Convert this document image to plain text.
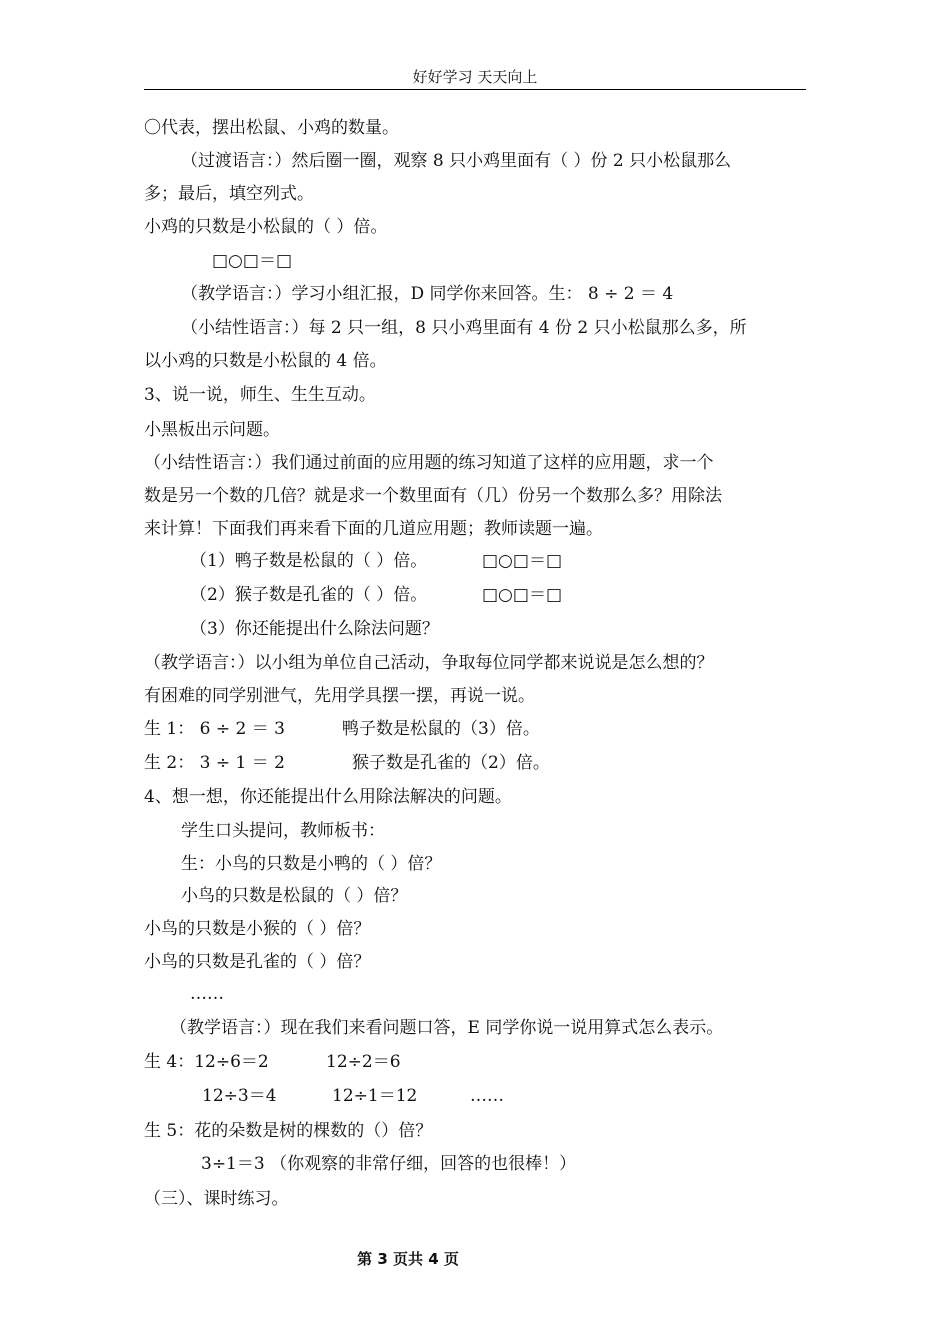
好好学习 天天向上
〇代表，摆出松鼠、小鸡的数量。
（过渡语言：）然后圈一圈，观察 8 只小鸡里面有（ ）份 2 只小松鼠那么
多；最后，填空列式。
小鸡的只数是小松鼠的（ ）倍。
□○□＝□
（教学语言：）学习小组汇报，D 同学你来回答。生： 8 ÷ 2 ＝ 4
（小结性语言：）每 2 只一组，8 只小鸡里面有 4 份 2 只小松鼠那么多，所
以小鸡的只数是小松鼠的 4 倍。
3、说一说，师生、生生互动。
小黑板出示问题。
（小结性语言：）我们通过前面的应用题的练习知道了这样的应用题，求一个
数是另一个数的几倍？就是求一个数里面有（几）份另一个数那么多？用除法
来计算！下面我们再来看下面的几道应用题；教师读题一遍。
（1）鸭子数是松鼠的（ ）倍。	□○□＝□
（2）猴子数是孔雀的（ ）倍。	□○□＝□
（3）你还能提出什么除法问题？
（教学语言：）以小组为单位自己活动，争取每位同学都来说说是怎么想的？
有困难的同学别泄气，先用学具摆一摆，再说一说。
生 1： 6 ÷ 2 ＝ 3	鸭子数是松鼠的（3）倍。
生 2： 3 ÷ 1 ＝ 2	猴子数是孔雀的（2）倍。
4、想一想，你还能提出什么用除法解决的问题。
学生口头提问，教师板书：
生：小鸟的只数是小鸭的（ ）倍？
小鸟的只数是松鼠的（ ）倍？
小鸟的只数是小猴的（ ）倍？
小鸟的只数是孔雀的（ ）倍？
……
（教学语言：）现在我们来看问题口答，E 同学你说一说用算式怎么表示。
生 4：12÷6＝2	12÷2＝6
12÷3＝4	12÷1＝12	……
生 5：花的朵数是树的棵数的（）倍？
3÷1＝3 （你观察的非常仔细，回答的也很棒！）
（三）、课时练习。
第 3 页共 4 页
